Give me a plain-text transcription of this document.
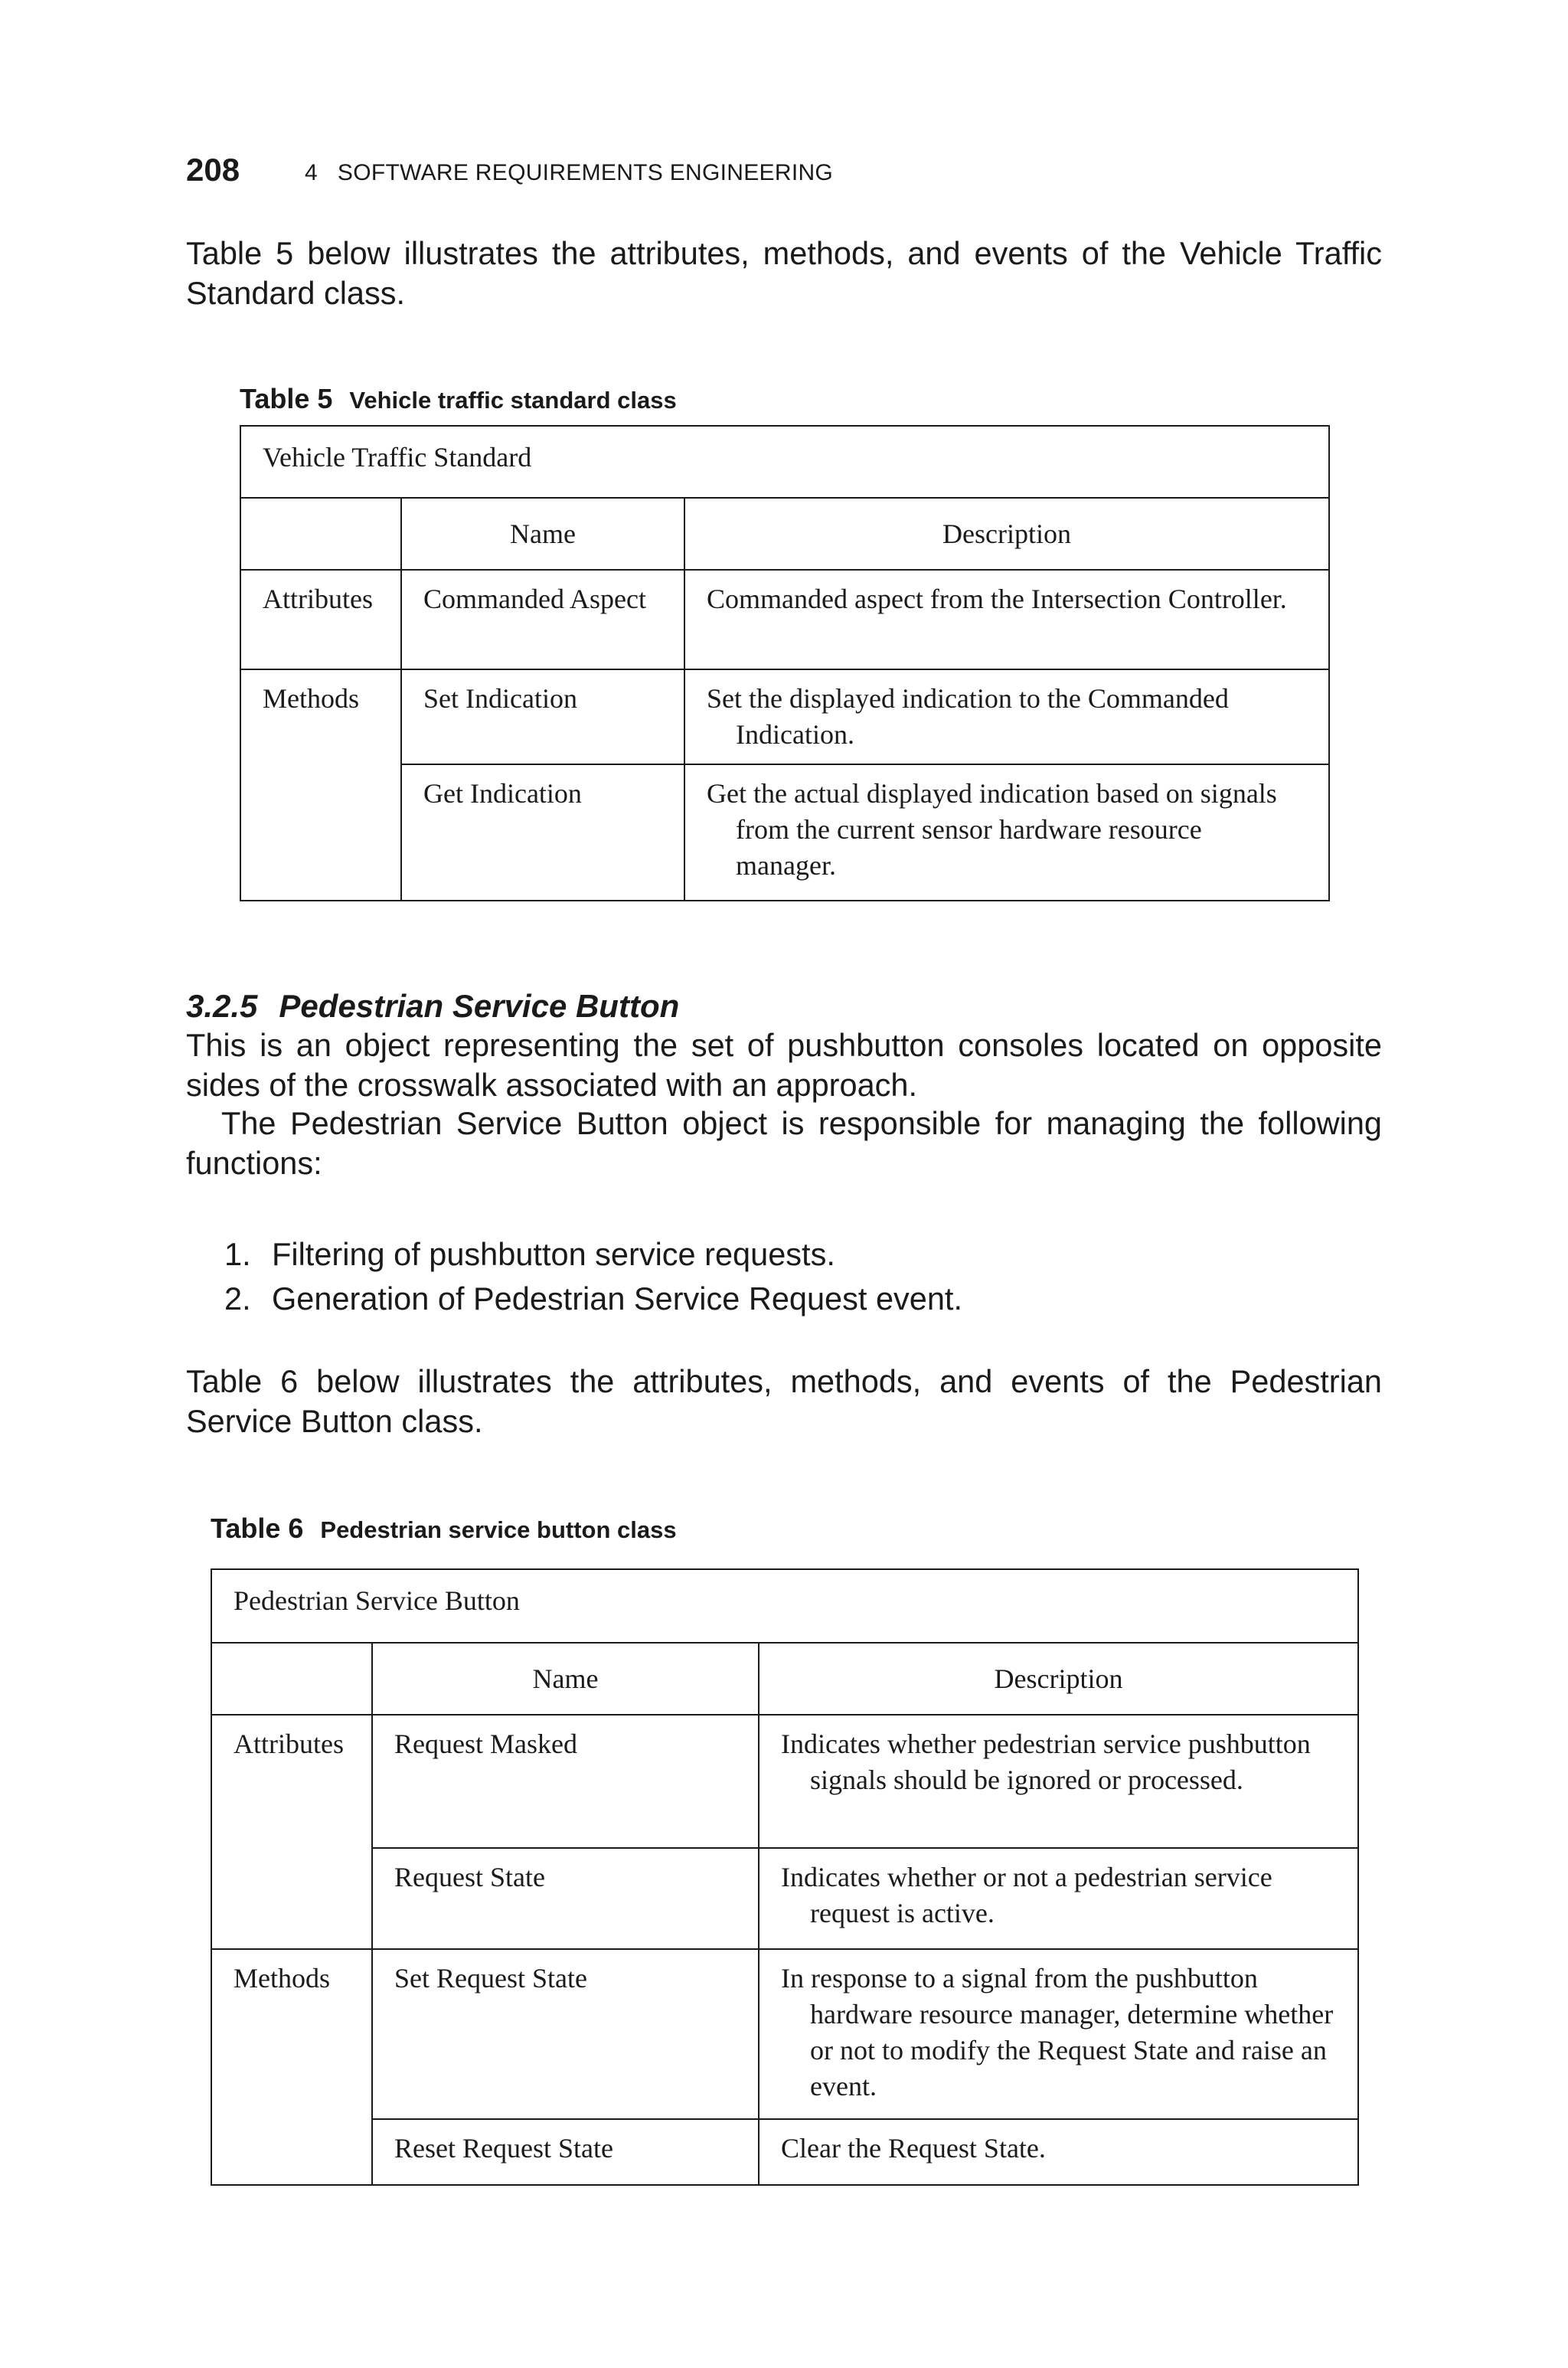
208	4   SOFTWARE REQUIREMENTS ENGINEERING

Table 5 below illustrates the attributes, methods, and events of the Vehicle Traffic Standard class.

Table 5 Vehicle traffic standard class
Vehicle Traffic Standard		
	Name	Description
Attributes	Commanded Aspect	Commanded aspect from the Intersection Controller.
Methods	Set Indication	Set the displayed indication to the Commanded Indication.
	Get Indication	Get the actual displayed indication based on signals from the current sensor hardware resource manager.
3.2.5 Pedestrian Service Button

This is an object representing the set of pushbutton consoles located on opposite sides of the crosswalk associated with an approach.

The Pedestrian Service Button object is responsible for managing the following functions:

1. Filtering of pushbutton service requests.
2. Generation of Pedestrian Service Request event.

Table 6 below illustrates the attributes, methods, and events of the Pedestrian Service Button class.

Table 6 Pedestrian service button class
Pedestrian Service Button		
	Name	Description
Attributes	Request Masked	Indicates whether pedestrian service pushbutton signals should be ignored or processed.
	Request State	Indicates whether or not a pedestrian service request is active.
Methods	Set Request State	In response to a signal from the pushbutton hardware resource manager, determine whether or not to modify the Request State and raise an event.
	Reset Request State	Clear the Request State.
